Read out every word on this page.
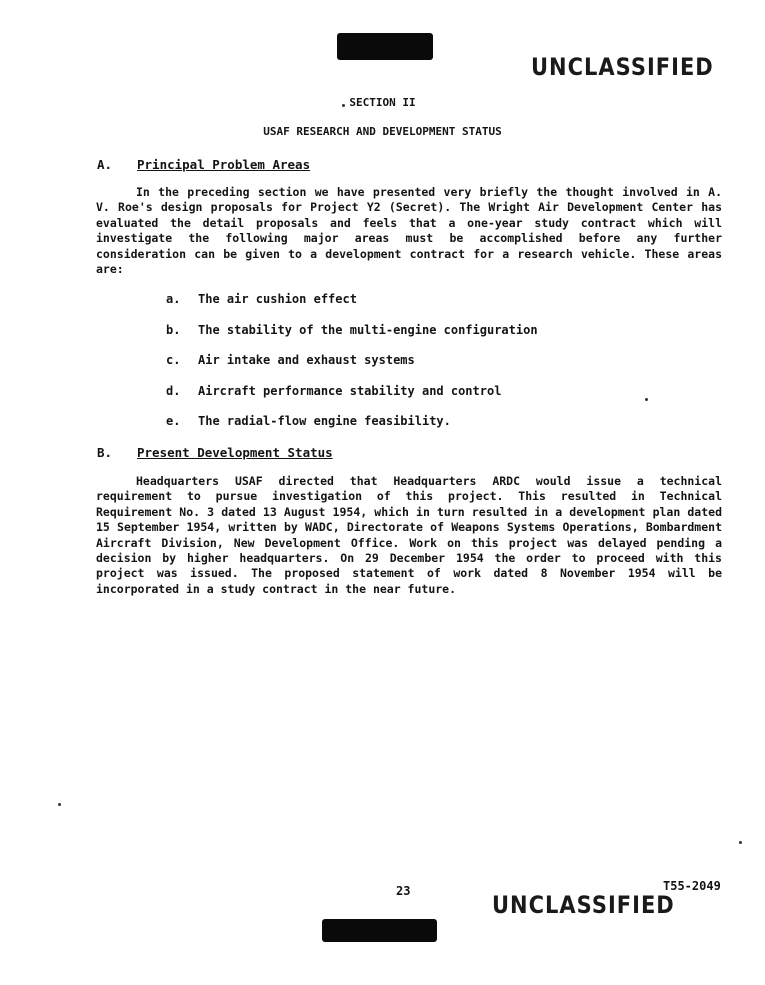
UNCLASSIFIED
SECTION II
USAF RESEARCH AND DEVELOPMENT STATUS
A. Principal Problem Areas
In the preceding section we have presented very briefly the thought involved in A. V. Roe's design proposals for Project Y2 (Secret). The Wright Air Development Center has evaluated the detail proposals and feels that a one-year study contract which will investigate the following major areas must be accomplished before any further consideration can be given to a development contract for a research vehicle. These areas are:
a. The air cushion effect
b. The stability of the multi-engine configuration
c. Air intake and exhaust systems
d. Aircraft performance stability and control
e. The radial-flow engine feasibility.
B. Present Development Status
Headquarters USAF directed that Headquarters ARDC would issue a technical requirement to pursue investigation of this project. This resulted in Technical Requirement No. 3 dated 13 August 1954, which in turn resulted in a development plan dated 15 September 1954, written by WADC, Directorate of Weapons Systems Operations, Bombardment Aircraft Division, New Development Office. Work on this project was delayed pending a decision by higher headquarters. On 29 December 1954 the order to proceed with this project was issued. The proposed statement of work dated 8 November 1954 will be incorporated in a study contract in the near future.
23
UNCLASSIFIED
T55-2049
